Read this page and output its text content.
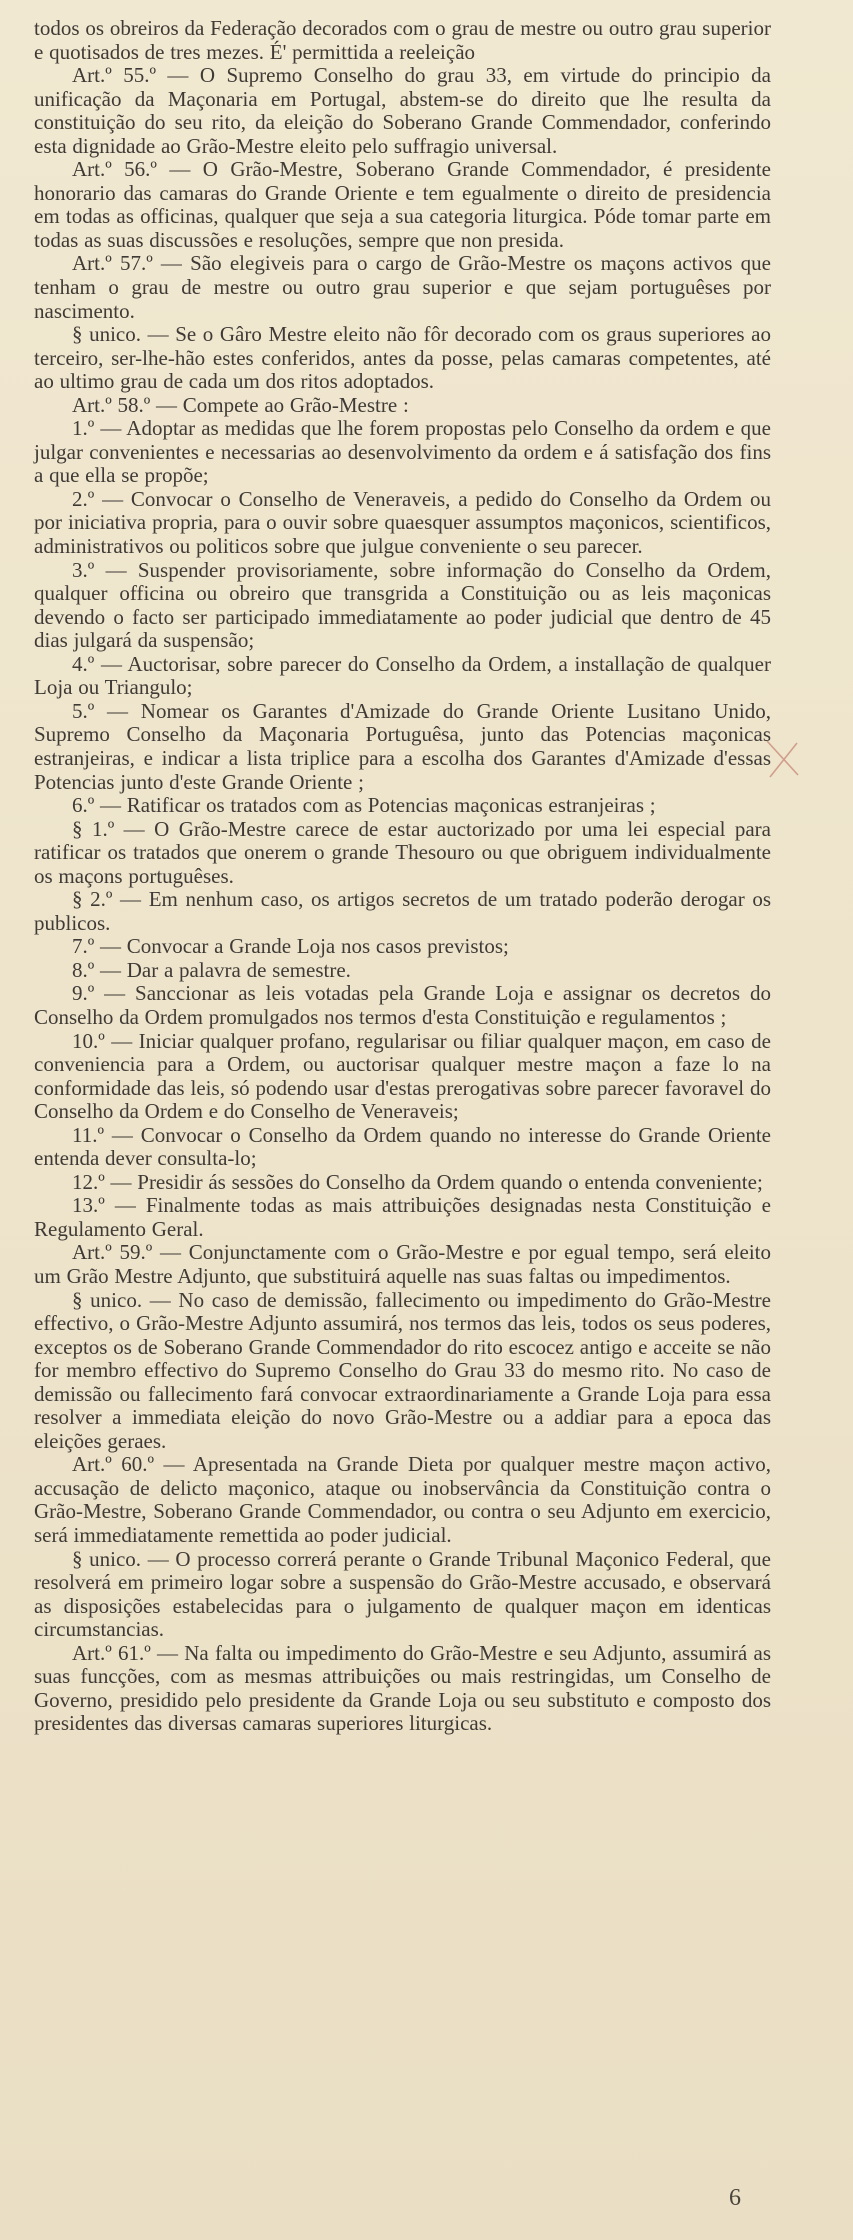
todos os obreiros da Federação decorados com o grau de mestre ou outro grau superior e quotisados de tres mezes. É' permittida a reeleição

Art.º 55.º — O Supremo Conselho do grau 33, em virtude do principio da unificação da Maçonaria em Portugal, abstem-se do direito que lhe resulta da constituição do seu rito, da eleição do Soberano Grande Commendador, conferindo esta dignidade ao Grão-Mestre eleito pelo suffragio universal.

Art.º 56.º — O Grão-Mestre, Soberano Grande Commendador, é presidente honorario das camaras do Grande Oriente e tem egualmente o direito de presidencia em todas as officinas, qualquer que seja a sua categoria liturgica. Póde tomar parte em todas as suas discussões e resoluções, sempre que non presida.

Art.º 57.º — São elegiveis para o cargo de Grão-Mestre os maçons activos que tenham o grau de mestre ou outro grau superior e que sejam portuguêses por nascimento.

§ unico. — Se o Gâro Mestre eleito não fôr decorado com os graus superiores ao terceiro, ser-lhe-hão estes conferidos, antes da posse, pelas camaras competentes, até ao ultimo grau de cada um dos ritos adoptados.

Art.º 58.º — Compete ao Grão-Mestre :

1.º — Adoptar as medidas que lhe forem propostas pelo Conselho da ordem e que julgar convenientes e necessarias ao desenvolvimento da ordem e á satisfação dos fins a que ella se propõe;

2.º — Convocar o Conselho de Veneraveis, a pedido do Conselho da Ordem ou por iniciativa propria, para o ouvir sobre quaesquer assumptos maçonicos, scientificos, administrativos ou politicos sobre que julgue conveniente o seu parecer.

3.º — Suspender provisoriamente, sobre informação do Conselho da Ordem, qualquer officina ou obreiro que transgrida a Constituição ou as leis maçonicas devendo o facto ser participado immediatamente ao poder judicial que dentro de 45 dias julgará da suspensão;

4.º — Auctorisar, sobre parecer do Conselho da Ordem, a installação de qualquer Loja ou Triangulo;

5.º — Nomear os Garantes d'Amizade do Grande Oriente Lusitano Unido, Supremo Conselho da Maçonaria Portuguêsa, junto das Potencias maçonicas estranjeiras, e indicar a lista triplice para a escolha dos Garantes d'Amizade d'essas Potencias junto d'este Grande Oriente ;

6.º — Ratificar os tratados com as Potencias maçonicas estranjeiras ;

§ 1.º — O Grão-Mestre carece de estar auctorizado por uma lei especial para ratificar os tratados que onerem o grande Thesouro ou que obriguem individualmente os maçons portuguêses.

§ 2.º — Em nenhum caso, os artigos secretos de um tratado poderão derogar os publicos.

7.º — Convocar a Grande Loja nos casos previstos;

8.º — Dar a palavra de semestre.

9.º — Sanccionar as leis votadas pela Grande Loja e assignar os decretos do Conselho da Ordem promulgados nos termos d'esta Constituição e regulamentos ;

10.º — Iniciar qualquer profano, regularisar ou filiar qualquer maçon, em caso de conveniencia para a Ordem, ou auctorisar qualquer mestre maçon a faze lo na conformidade das leis, só podendo usar d'estas prerogativas sobre parecer favoravel do Conselho da Ordem e do Conselho de Veneraveis;

11.º — Convocar o Conselho da Ordem quando no interesse do Grande Oriente entenda dever consulta-lo;

12.º — Presidir ás sessões do Conselho da Ordem quando o entenda conveniente;

13.º — Finalmente todas as mais attribuições designadas nesta Constituição e Regulamento Geral.

Art.º 59.º — Conjunctamente com o Grão-Mestre e por egual tempo, será eleito um Grão Mestre Adjunto, que substituirá aquelle nas suas faltas ou impedimentos.

§ unico. — No caso de demissão, fallecimento ou impedimento do Grão-Mestre effectivo, o Grão-Mestre Adjunto assumirá, nos termos das leis, todos os seus poderes, exceptos os de Soberano Grande Commendador do rito escocez antigo e acceite se não for membro effectivo do Supremo Conselho do Grau 33 do mesmo rito. No caso de demissão ou fallecimento fará convocar extraordinariamente a Grande Loja para essa resolver a immediata eleição do novo Grão-Mestre ou a addiar para a epoca das eleições geraes.

Art.º 60.º — Apresentada na Grande Dieta por qualquer mestre maçon activo, accusação de delicto maçonico, ataque ou inobservância da Constituição contra o Grão-Mestre, Soberano Grande Commendador, ou contra o seu Adjunto em exercicio, será immediatamente remettida ao poder judicial.

§ unico. — O processo correrá perante o Grande Tribunal Maçonico Federal, que resolverá em primeiro logar sobre a suspensão do Grão-Mestre accusado, e observará as disposições estabelecidas para o julgamento de qualquer maçon em identicas circumstancias.

Art.º 61.º — Na falta ou impedimento do Grão-Mestre e seu Adjunto, assumirá as suas funcções, com as mesmas attribuições ou mais restringidas, um Conselho de Governo, presidido pelo presidente da Grande Loja ou seu substituto e composto dos presidentes das diversas camaras superiores liturgicas.

6
